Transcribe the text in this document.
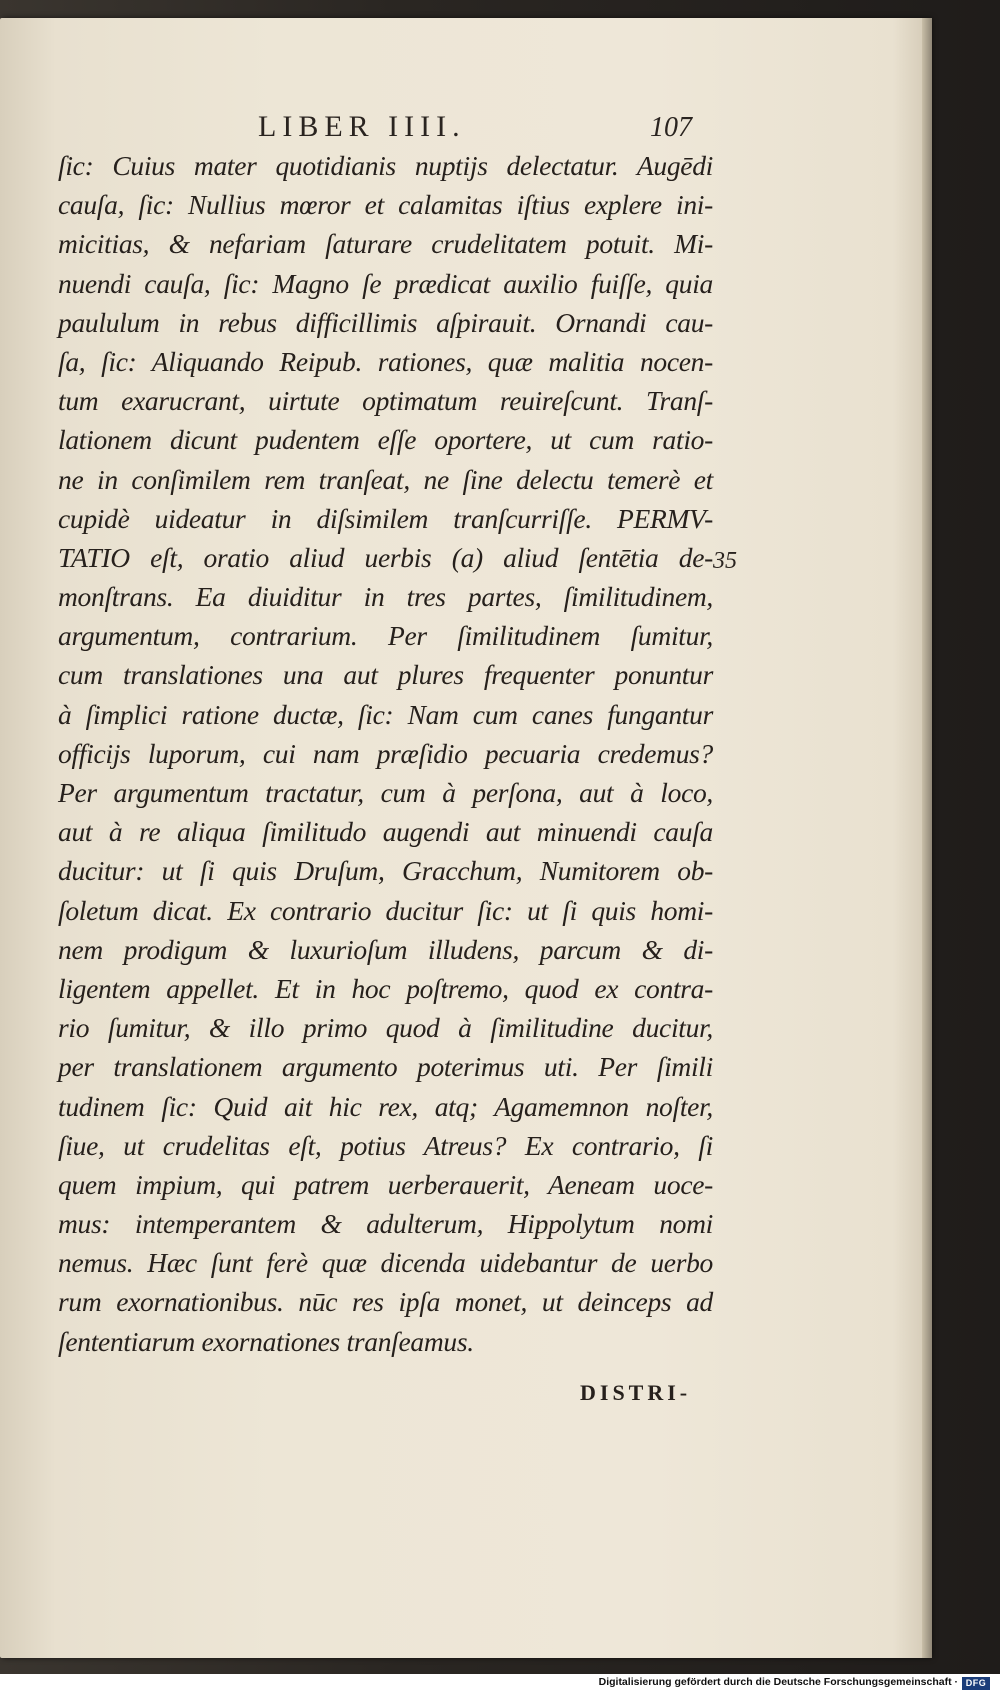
LIBER IIII.	107
ſic: Cuius mater quotidianis nuptijs delectatur. Augēdi
cauſa, ſic: Nullius mœror et calamitas iſtius explere ini-
micitias, & nefariam ſaturare crudelitatem potuit. Mi-
nuendi cauſa, ſic: Magno ſe prædicat auxilio fuiſſe, quia
paululum in rebus difficillimis aſpirauit. Ornandi cau-
ſa, ſic: Aliquando Reipub. rationes, quæ malitia nocen-
tum exarucrant, uirtute optimatum reuireſcunt. Tranſ-
lationem dicunt pudentem eſſe oportere, ut cum ratio-
ne in conſimilem rem tranſeat, ne ſine delectu temerè et
cupidè uideatur in diſsimilem tranſcurriſſe. PERMV-
TATIO eſt, oratio aliud uerbis (a) aliud ſentētia de-
monſtrans. Ea diuiditur in tres partes, ſimilitudinem,
argumentum, contrarium. Per ſimilitudinem ſumitur,
cum translationes una aut plures frequenter ponuntur
à ſimplici ratione ductæ, ſic: Nam cum canes fungantur
officijs luporum, cui nam præſidio pecuaria credemus?
Per argumentum tractatur, cum à perſona, aut à loco,
aut à re aliqua ſimilitudo augendi aut minuendi cauſa
ducitur: ut ſi quis Druſum, Gracchum, Numitorem ob-
ſoletum dicat. Ex contrario ducitur ſic: ut ſi quis homi-
nem prodigum & luxurioſum illudens, parcum & di-
ligentem appellet. Et in hoc poſtremo, quod ex contra-
rio ſumitur, & illo primo quod à ſimilitudine ducitur,
per translationem argumento poterimus uti. Per ſimili
tudinem ſic: Quid ait hic rex, atq; Agamemnon noſter,
ſiue, ut crudelitas eſt, potius Atreus? Ex contrario, ſi
quem impium, qui patrem uerberauerit, Aeneam uoce-
mus: intemperantem & adulterum, Hippolytum nomi
nemus. Hæc ſunt ferè quæ dicenda uidebantur de uerbo
rum exornationibus. nūc res ipſa monet, ut deinceps ad
ſententiarum exornationes tranſeamus.
35
DISTRI-
Digitalisierung gefördert durch die Deutsche Forschungsgemeinschaft · DFG
